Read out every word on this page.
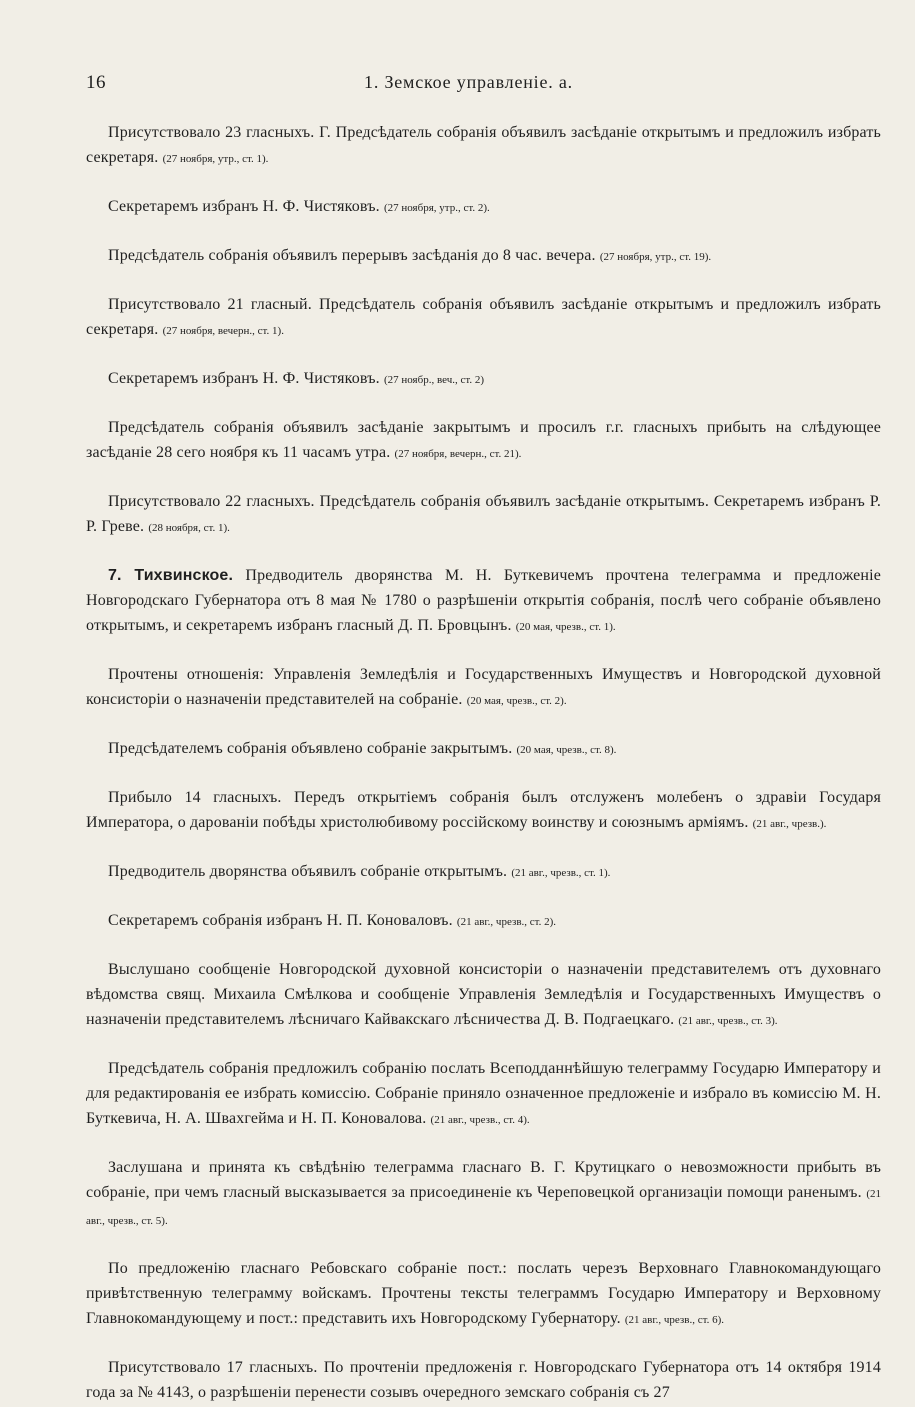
16	1. Земское управленіе. а.

Присутствовало 23 гласныхъ. Г. Предсѣдатель собранія объявилъ засѣданіе открытымъ и предложилъ избрать секретаря. (27 ноября, утр., ст. 1).

Секретаремъ избранъ Н. Ф. Чистяковъ. (27 ноября, утр., ст. 2).

Предсѣдатель собранія объявилъ перерывъ засѣданія до 8 час. вечера. (27 ноября, утр., ст. 19).

Присутствовало 21 гласный. Предсѣдатель собранія объявилъ засѣданіе открытымъ и предложилъ избрать секретаря. (27 ноября, вечерн., ст. 1).

Секретаремъ избранъ Н. Ф. Чистяковъ. (27 ноябр., веч., ст. 2)

Предсѣдатель собранія объявилъ засѣданіе закрытымъ и просилъ г.г. гласныхъ прибыть на слѣдующее засѣданіе 28 сего ноября къ 11 часамъ утра. (27 ноября, вечерн., ст. 21).

Присутствовало 22 гласныхъ. Предсѣдатель собранія объявилъ засѣданіе открытымъ. Секретаремъ избранъ Р. Р. Греве. (28 ноября, ст. 1).

7. Тихвинское. Предводитель дворянства М. Н. Буткевичемъ прочтена телеграмма и предложеніе Новгородскаго Губернатора отъ 8 мая № 1780 о разрѣшеніи открытія собранія, послѣ чего собраніе объявлено открытымъ, и секретаремъ избранъ гласный Д. П. Бровцынъ. (20 мая, чрезв., ст. 1).

Прочтены отношенія: Управленія Земледѣлія и Государственныхъ Имуществъ и Новгородской духовной консисторіи о назначеніи представителей на собраніе. (20 мая, чрезв., ст. 2).

Предсѣдателемъ собранія объявлено собраніе закрытымъ. (20 мая, чрезв., ст. 8).

Прибыло 14 гласныхъ. Передъ открытіемъ собранія былъ отслуженъ молебенъ о здравіи Государя Императора, о дарованіи побѣды христолюбивому россійскому воинству и союзнымъ арміямъ. (21 авг., чрезв.).

Предводитель дворянства объявилъ собраніе открытымъ. (21 авг., чрезв., ст. 1).

Секретаремъ собранія избранъ Н. П. Коноваловъ. (21 авг., чрезв., ст. 2).

Выслушано сообщеніе Новгородской духовной консисторіи о назначеніи представителемъ отъ духовнаго вѣдомства свящ. Михаила Смѣлкова и сообщеніе Управленія Земледѣлія и Государственныхъ Имуществъ о назначеніи представителемъ лѣсничаго Кайвакскаго лѣсничества Д. В. Подгаецкаго. (21 авг., чрезв., ст. 3).

Предсѣдатель собранія предложилъ собранію послать Всеподданнѣйшую телеграмму Государю Императору и для редактированія ее избрать комиссію. Собраніе приняло означенное предложеніе и избрало въ комиссію М. Н. Буткевича, Н. А. Швахгейма и Н. П. Коновалова. (21 авг., чрезв., ст. 4).

Заслушана и принята къ свѣдѣнію телеграмма гласнаго В. Г. Крутицкаго о невозможности прибыть въ собраніе, при чемъ гласный высказывается за присоединеніе къ Череповецкой организаціи помощи раненымъ. (21 авг., чрезв., ст. 5).

По предложенію гласнаго Ребовскаго собраніе пост.: послать черезъ Верховнаго Главнокомандующаго привѣтственную телеграмму войскамъ. Прочтены тексты телеграммъ Государю Императору и Верховному Главнокомандующему и пост.: представить ихъ Новгородскому Губернатору. (21 авг., чрезв., ст. 6).

Присутствовало 17 гласныхъ. По прочтеніи предложенія г. Новгородскаго Губернатора отъ 14 октября 1914 года за № 4143, о разрѣшеніи перенести созывъ очередного земскаго собранія съ 27
